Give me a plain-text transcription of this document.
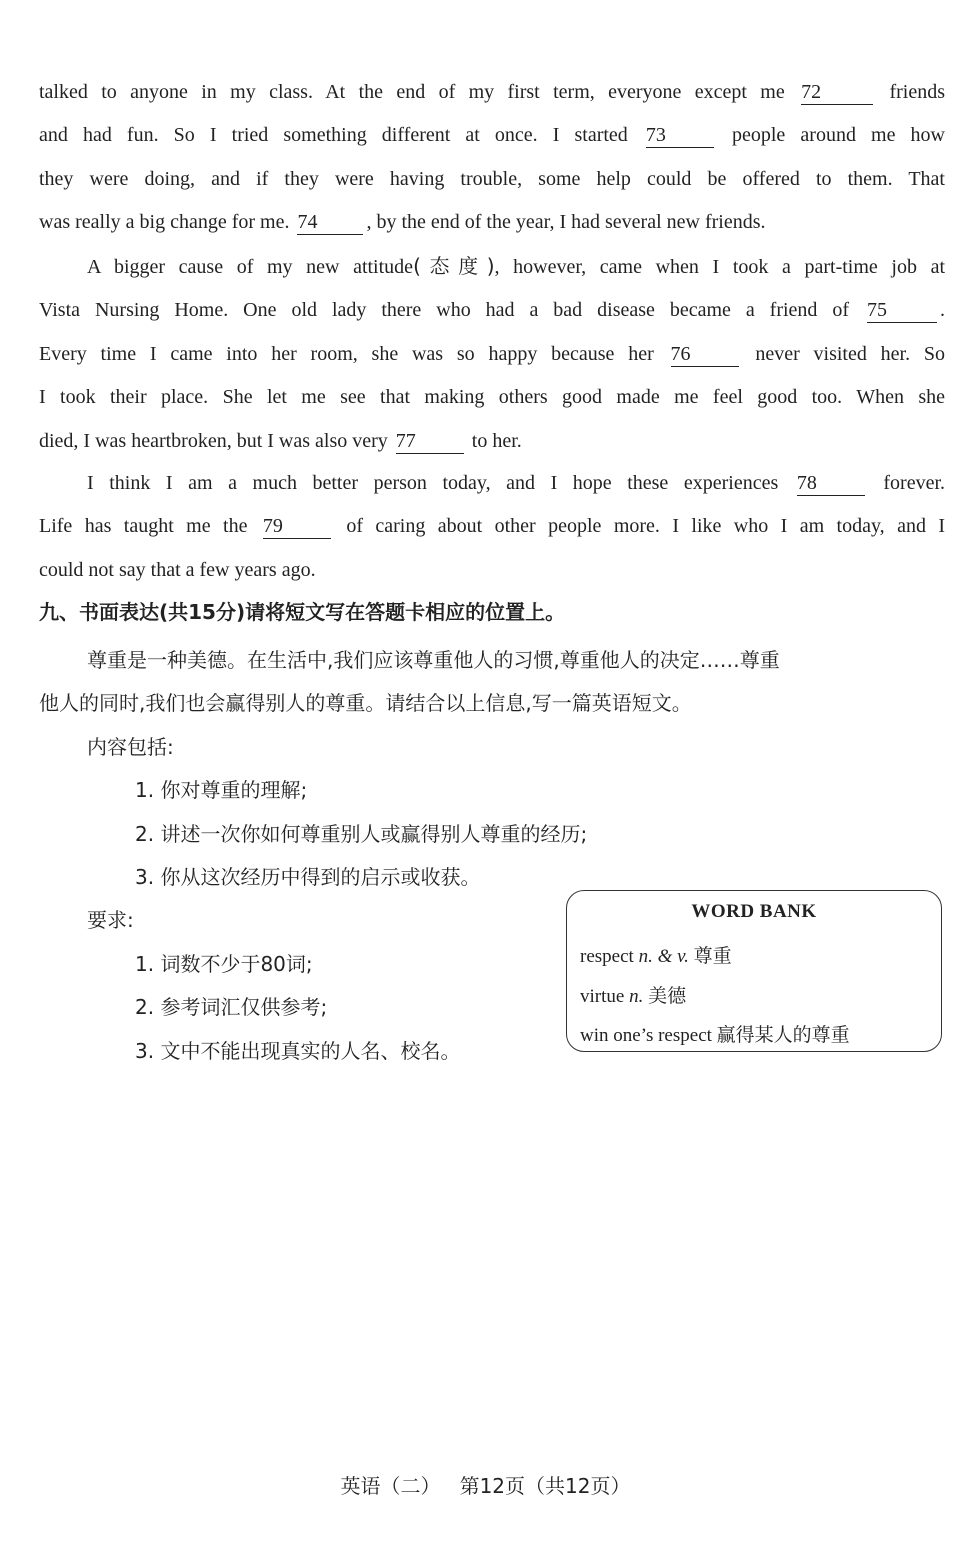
talked to anyone in my class. At the end of my first term, everyone except me 72	friends
and had fun. So I tried something different at once. I started 73	people around me how
they were doing, and if they were having trouble, some help could be offered to them. That
was really a big change for me. 74 , by the end of the year, I had several new friends.
A bigger cause of my new attitude(态度), however, came when I took a part-time job at
Vista Nursing Home. One old lady there who had a bad disease became a friend of 75	.
Every time I came into her room, she was so happy because her 76	never visited her. So
I took their place. She let me see that making others good made me feel good too. When she
died, I was heartbroken, but I was also very 77	to her.
I think I am a much better person today, and I hope these experiences 78	forever.
Life has taught me the 79	of caring about other people more. I like who I am today, and I
could not say that a few years ago.
九、书面表达(共15分)请将短文写在答题卡相应的位置上。
尊重是一种美德。在生活中,我们应该尊重他人的习惯,尊重他人的决定……尊重
他人的同时,我们也会赢得别人的尊重。请结合以上信息,写一篇英语短文。
内容包括:
1. 你对尊重的理解;
2. 讲述一次你如何尊重别人或赢得别人尊重的经历;
3. 你从这次经历中得到的启示或收获。
要求:
1. 词数不少于80词;
2. 参考词汇仅供参考;
3. 文中不能出现真实的人名、校名。
WORD BANK
respect n. & v. 尊重
virtue n. 美德
win one’s respect 赢得某人的尊重
英语（二）   第12页（共12页）
